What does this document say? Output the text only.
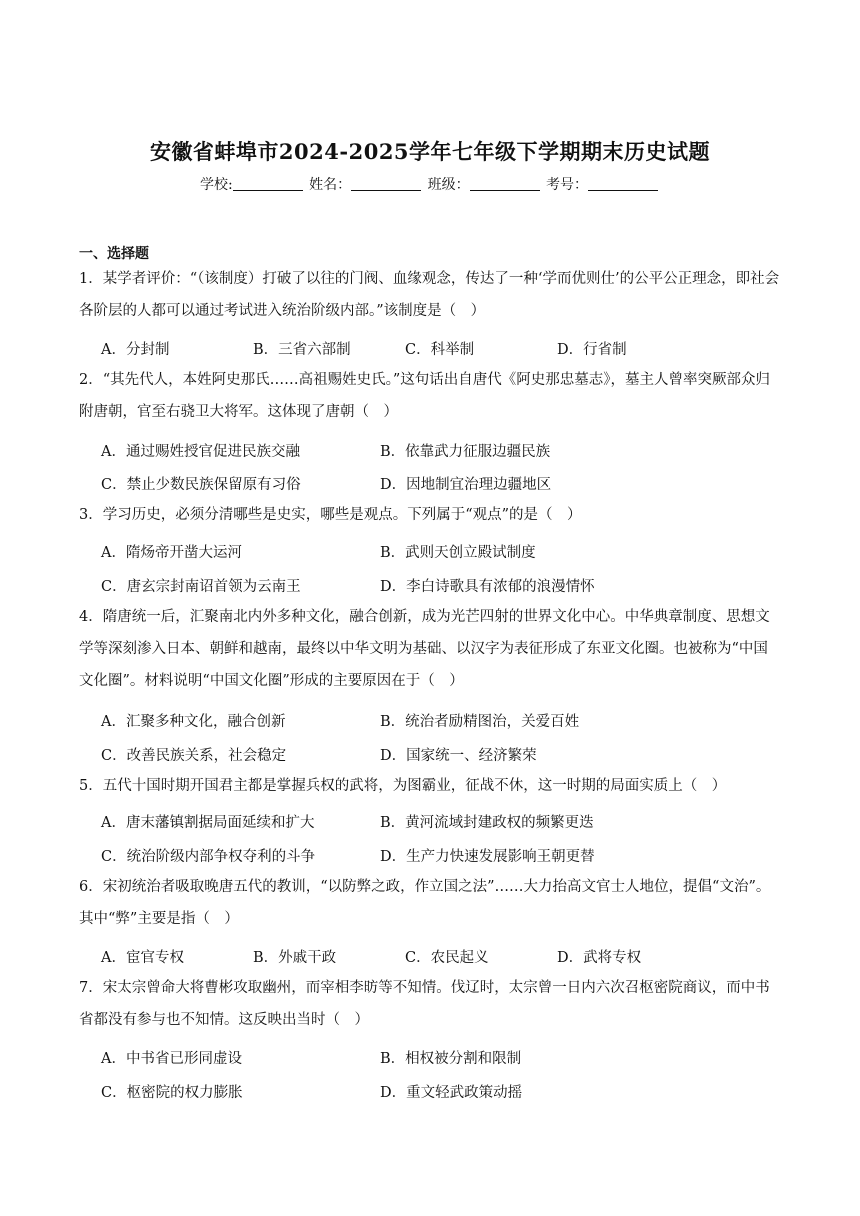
安徽省蚌埠市2024-2025学年七年级下学期期末历史试题
学校:	姓名：	班级：	考号：
一、选择题
1．某学者评价：“（该制度）打破了以往的门阀、血缘观念，传达了一种‘学而优则仕’的公平公正理念，即社会各阶层的人都可以通过考试进入统治阶级内部。”该制度是（　）
A．分封制	B．三省六部制	C．科举制	D．行省制
2．“其先代人，本姓阿史那氏……高祖赐姓史氏。”这句话出自唐代《阿史那忠墓志》，墓主人曾率突厥部众归附唐朝，官至右骁卫大将军。这体现了唐朝（　）
A．通过赐姓授官促进民族交融	B．依靠武力征服边疆民族
C．禁止少数民族保留原有习俗	D．因地制宜治理边疆地区
3．学习历史，必须分清哪些是史实，哪些是观点。下列属于“观点”的是（　）
A．隋炀帝开凿大运河	B．武则天创立殿试制度
C．唐玄宗封南诏首领为云南王	D．李白诗歌具有浓郁的浪漫情怀
4．隋唐统一后，汇聚南北内外多种文化，融合创新，成为光芒四射的世界文化中心。中华典章制度、思想文学等深刻渗入日本、朝鲜和越南，最终以中华文明为基础、以汉字为表征形成了东亚文化圈。也被称为“中国文化圈”。材料说明“中国文化圈”形成的主要原因在于（　）
A．汇聚多种文化，融合创新	B．统治者励精图治，关爱百姓
C．改善民族关系，社会稳定	D．国家统一、经济繁荣
5．五代十国时期开国君主都是掌握兵权的武将，为图霸业，征战不休，这一时期的局面实质上（　）
A．唐末藩镇割据局面延续和扩大	B．黄河流域封建政权的频繁更迭
C．统治阶级内部争权夺利的斗争	D．生产力快速发展影响王朝更替
6．宋初统治者吸取晚唐五代的教训，“以防弊之政，作立国之法”……大力抬高文官士人地位，提倡“文治”。其中“弊”主要是指（　）
A．宦官专权	B．外戚干政	C．农民起义	D．武将专权
7．宋太宗曾命大将曹彬攻取幽州，而宰相李昉等不知情。伐辽时，太宗曾一日内六次召枢密院商议，而中书省都没有参与也不知情。这反映出当时（　）
A．中书省已形同虚设	B．相权被分割和限制
C．枢密院的权力膨胀	D．重文轻武政策动摇
